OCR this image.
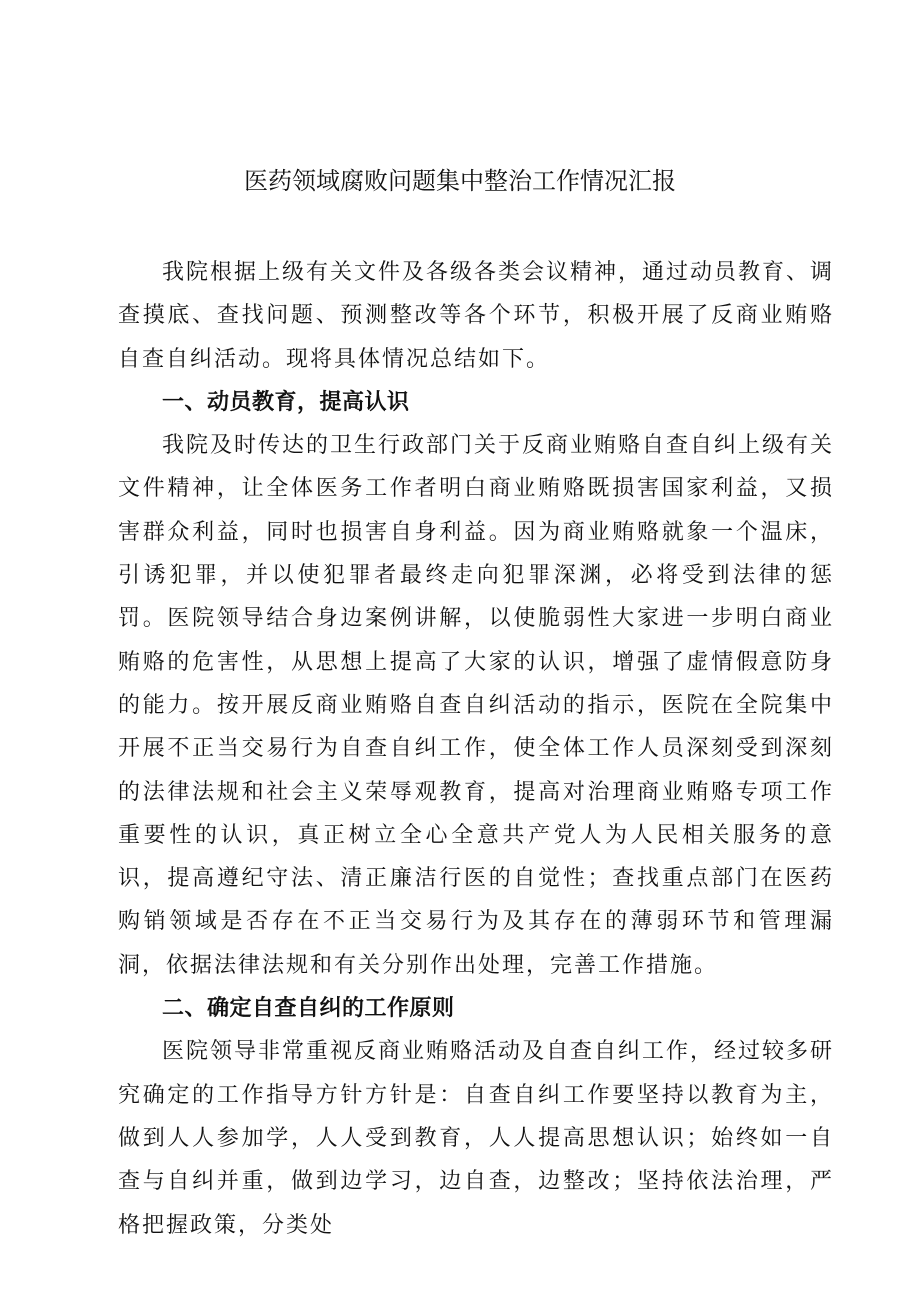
医药领域腐败问题集中整治工作情况汇报

我院根据上级有关文件及各级各类会议精神，通过动员教育、调查摸底、查找问题、预测整改等各个环节，积极开展了反商业贿赂自查自纠活动。现将具体情况总结如下。

一、动员教育，提高认识

我院及时传达的卫生行政部门关于反商业贿赂自查自纠上级有关文件精神，让全体医务工作者明白商业贿赂既损害国家利益，又损害群众利益，同时也损害自身利益。因为商业贿赂就象一个温床，引诱犯罪，并以使犯罪者最终走向犯罪深渊，必将受到法律的惩罚。医院领导结合身边案例讲解，以使脆弱性大家进一步明白商业贿赂的危害性，从思想上提高了大家的认识，增强了虚情假意防身的能力。按开展反商业贿赂自查自纠活动的指示，医院在全院集中开展不正当交易行为自查自纠工作，使全体工作人员深刻受到深刻的法律法规和社会主义荣辱观教育，提高对治理商业贿赂专项工作重要性的认识，真正树立全心全意共产党人为人民相关服务的意识，提高遵纪守法、清正廉洁行医的自觉性；查找重点部门在医药购销领域是否存在不正当交易行为及其存在的薄弱环节和管理漏洞，依据法律法规和有关分别作出处理，完善工作措施。

二、确定自查自纠的工作原则

医院领导非常重视反商业贿赂活动及自查自纠工作，经过较多研究确定的工作指导方针方针是：自查自纠工作要坚持以教育为主，做到人人参加学，人人受到教育，人人提高思想认识；始终如一自查与自纠并重，做到边学习，边自查，边整改；坚持依法治理，严格把握政策，分类处
